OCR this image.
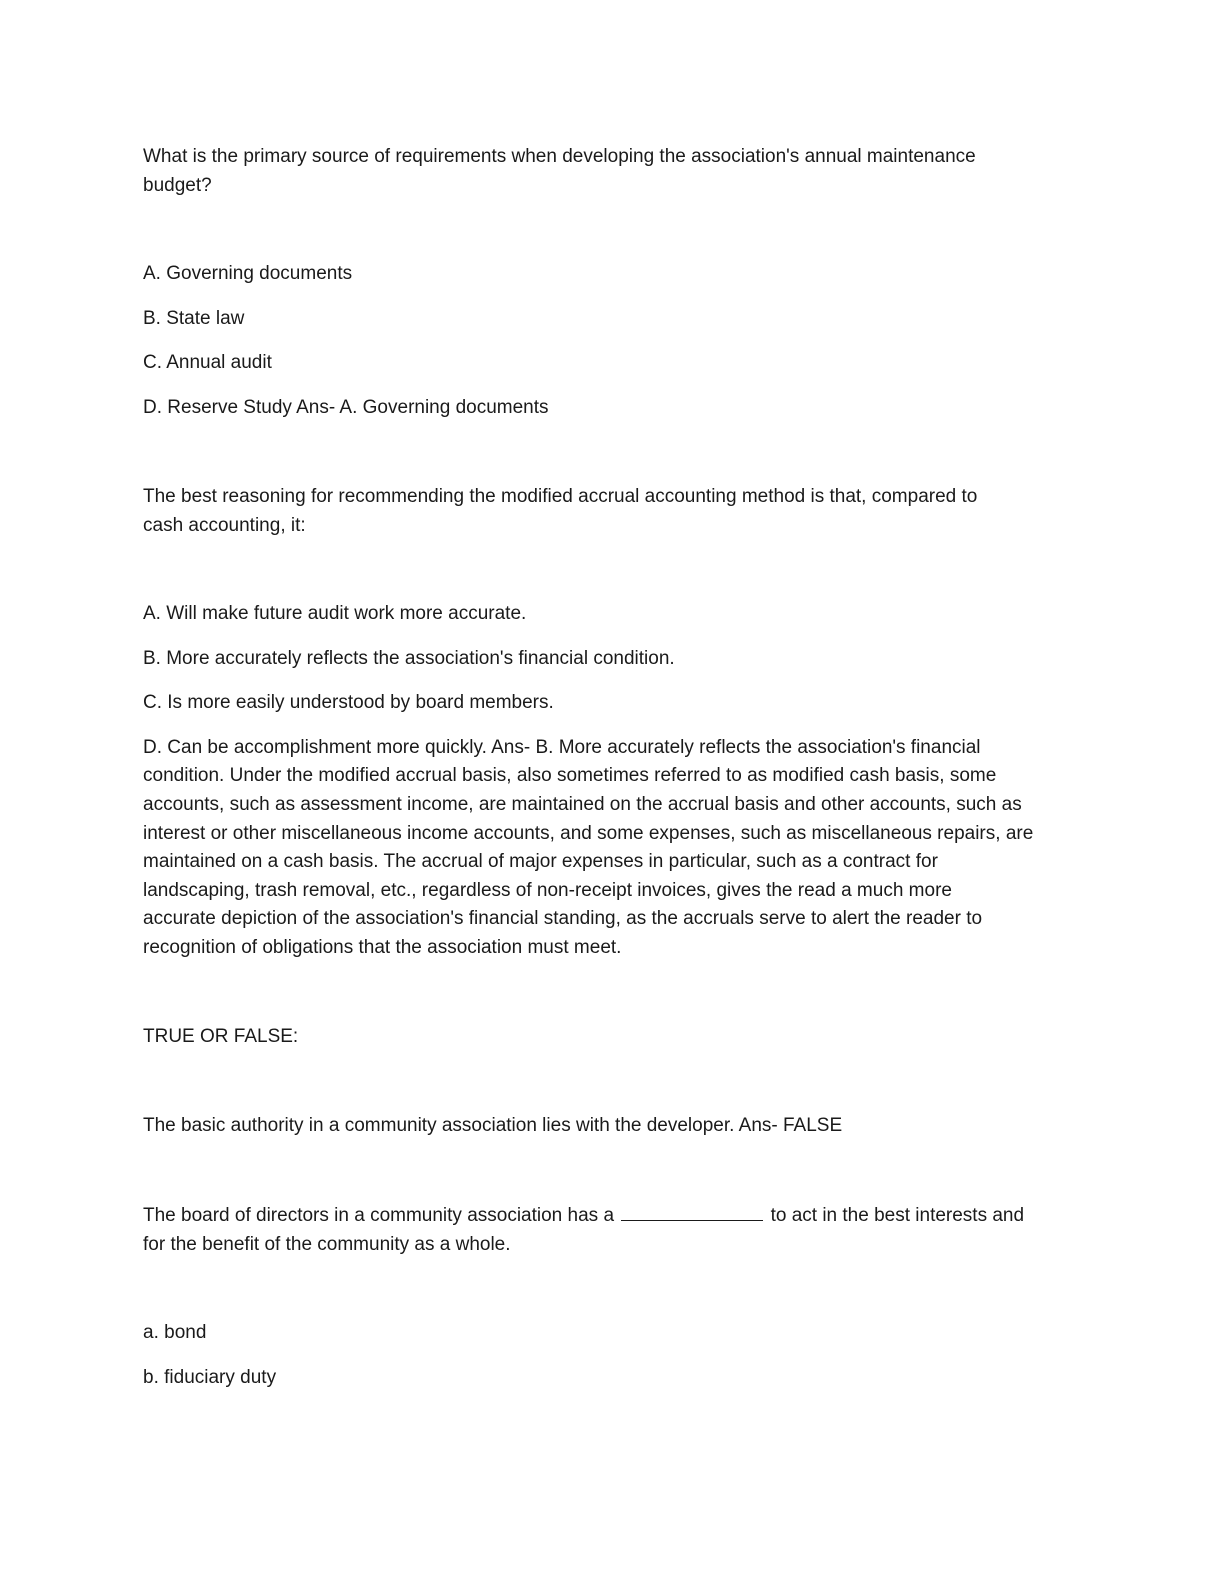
What is the primary source of requirements when developing the association's annual maintenance
budget?
A. Governing documents
B. State law
C. Annual audit
D. Reserve Study Ans- A. Governing documents
The best reasoning for recommending the modified accrual accounting method is that, compared to
cash accounting, it:
A. Will make future audit work more accurate.
B. More accurately reflects the association's financial condition.
C. Is more easily understood by board members.
D. Can be accomplishment more quickly. Ans- B. More accurately reflects the association's financial
condition. Under the modified accrual basis, also sometimes referred to as modified cash basis, some
accounts, such as assessment income, are maintained on the accrual basis and other accounts, such as
interest or other miscellaneous income accounts, and some expenses, such as miscellaneous repairs, are
maintained on a cash basis. The accrual of major expenses in particular, such as a contract for
landscaping, trash removal, etc., regardless of non-receipt invoices, gives the read a much more
accurate depiction of the association's financial standing, as the accruals serve to alert the reader to
recognition of obligations that the association must meet.
TRUE OR FALSE:
The basic authority in a community association lies with the developer. Ans- FALSE
The board of directors in a community association has a	to act in the best interests and
for the benefit of the community as a whole.
a. bond
b. fiduciary duty
